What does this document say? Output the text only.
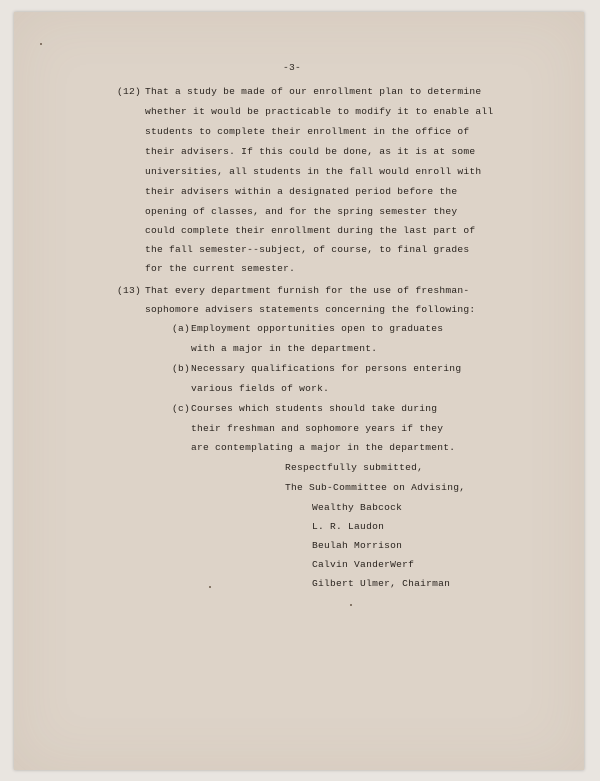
-3-

(12) That a study be made of our enrollment plan to determine

whether it would be practicable to modify it to enable all

students to complete their enrollment in the office of

their advisers. If this could be done, as it is at some

universities, all students in the fall would enroll with

their advisers within a designated period before the

opening of classes, and for the spring semester they

could complete their enrollment during the last part of

the fall semester--subject, of course, to final grades

for the current semester.

(13) That every department furnish for the use of freshman-

sophomore advisers statements concerning the following:

(a) Employment opportunities open to graduates

with a major in the department.

(b) Necessary qualifications for persons entering

various fields of work.

(c) Courses which students should take during

their freshman and sophomore years if they

are contemplating a major in the department.

Respectfully submitted,

The Sub-Committee on Advising,

Wealthy Babcock

L. R. Laudon

Beulah Morrison

Calvin VanderWerf

Gilbert Ulmer, Chairman
